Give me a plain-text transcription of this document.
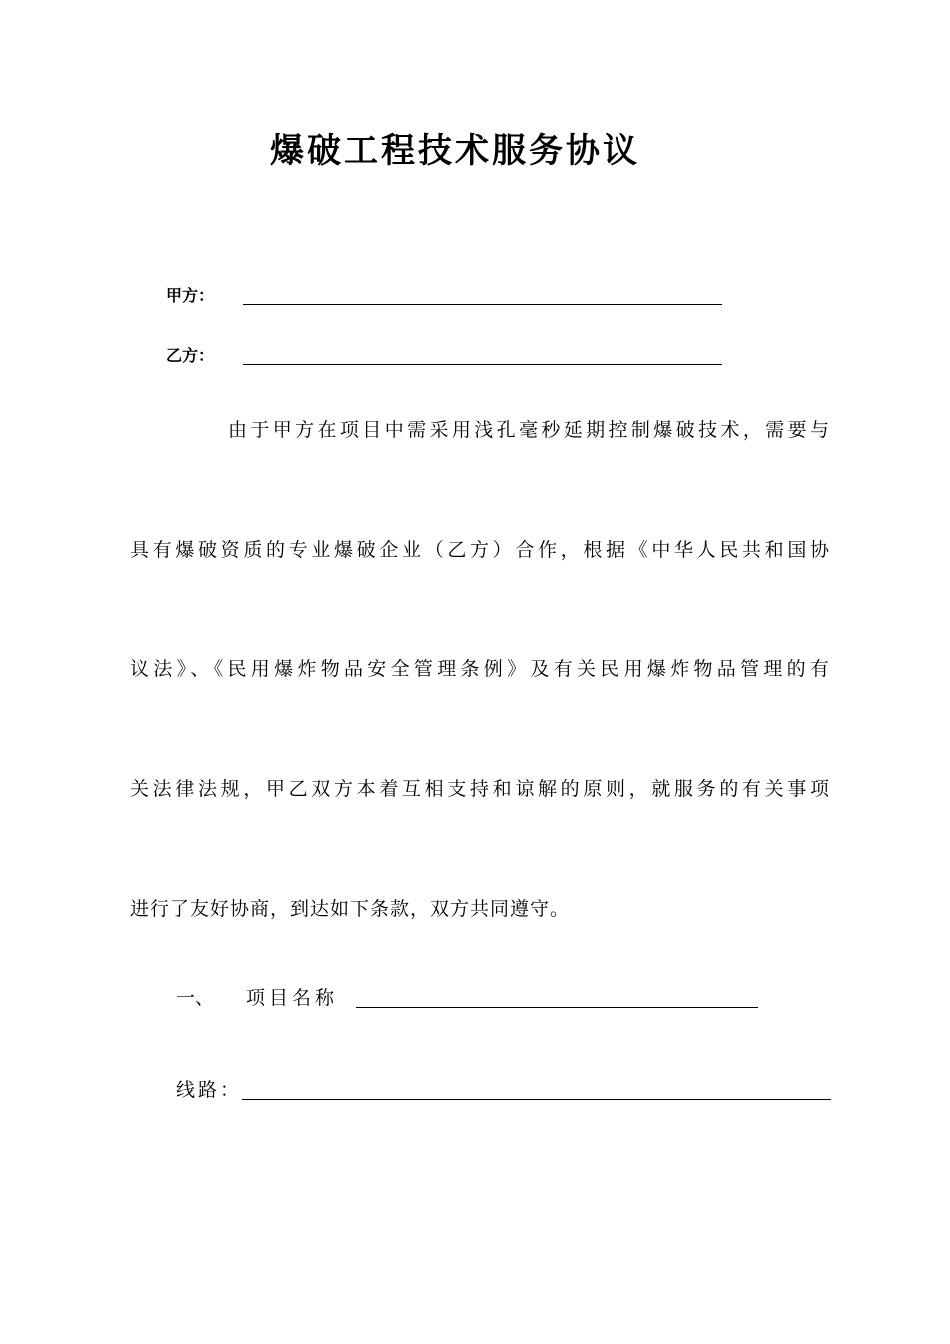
爆破工程技术服务协议
甲方：
乙方：
由于甲方在项目中需采用浅孔毫秒延期控制爆破技术，需要与
具有爆破资质的专业爆破企业（乙方）合作，根据《中华人民共和国协
议法》、《民用爆炸物品安全管理条例》及有关民用爆炸物品管理的有
关法律法规，甲乙双方本着互相支持和谅解的原则，就服务的有关事项
进行了友好协商，到达如下条款，双方共同遵守。
一、 项目名称
线路：
